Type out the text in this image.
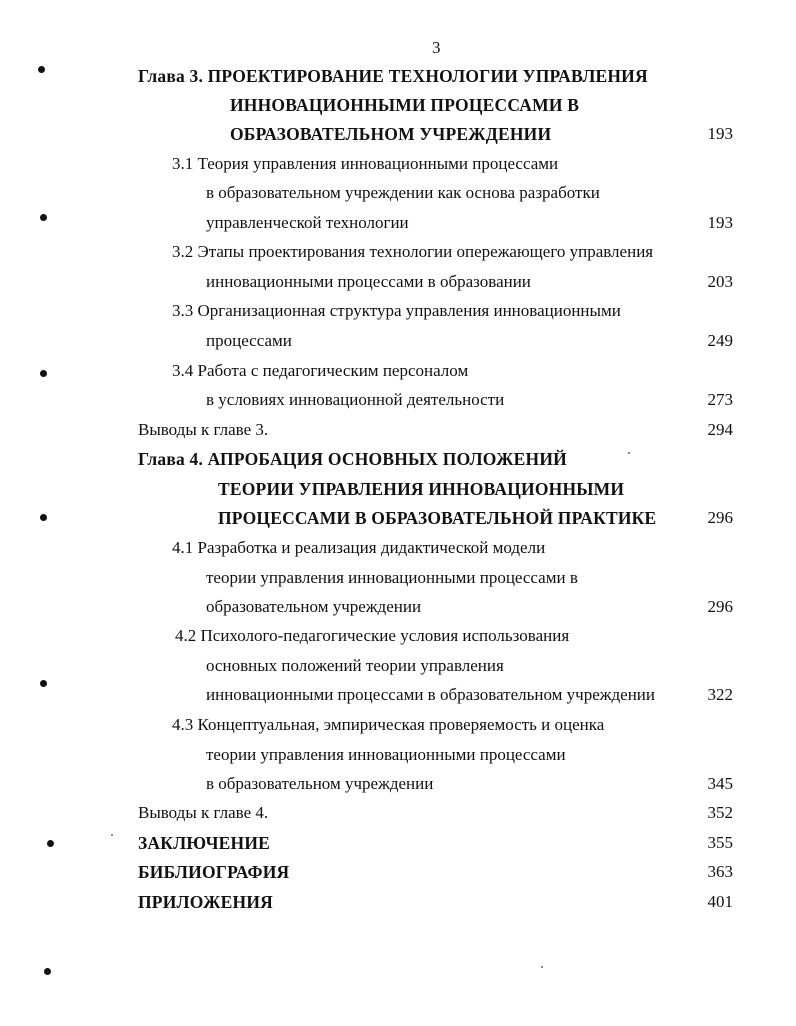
3
Глава 3. ПРОЕКТИРОВАНИЕ ТЕХНОЛОГИИ УПРАВЛЕНИЯ
ИННОВАЦИОННЫМИ ПРОЦЕССАМИ В
ОБРАЗОВАТЕЛЬНОМ УЧРЕЖДЕНИИ	193
3.1 Теория управления инновационными процессами
в образовательном учреждении как основа разработки
управленческой технологии	193
3.2 Этапы проектирования технологии опережающего управления
инновационными процессами в образовании	203
3.3 Организационная структура управления инновационными
процессами	249
3.4 Работа с педагогическим персоналом
в условиях инновационной деятельности	273
Выводы к главе 3.	294
Глава 4. АПРОБАЦИЯ ОСНОВНЫХ ПОЛОЖЕНИЙ
ТЕОРИИ УПРАВЛЕНИЯ ИННОВАЦИОННЫМИ
ПРОЦЕССАМИ В ОБРАЗОВАТЕЛЬНОЙ ПРАКТИКЕ	296
4.1 Разработка и реализация дидактической модели
теории управления инновационными процессами в
образовательном учреждении	296
4.2 Психолого-педагогические условия использования
основных положений теории управления
инновационными процессами в образовательном учреждении	322
4.3 Концептуальная, эмпирическая проверяемость и оценка
теории управления инновационными процессами
в образовательном учреждении	345
Выводы к главе 4.	352
ЗАКЛЮЧЕНИЕ	355
БИБЛИОГРАФИЯ	363
ПРИЛОЖЕНИЯ	401
